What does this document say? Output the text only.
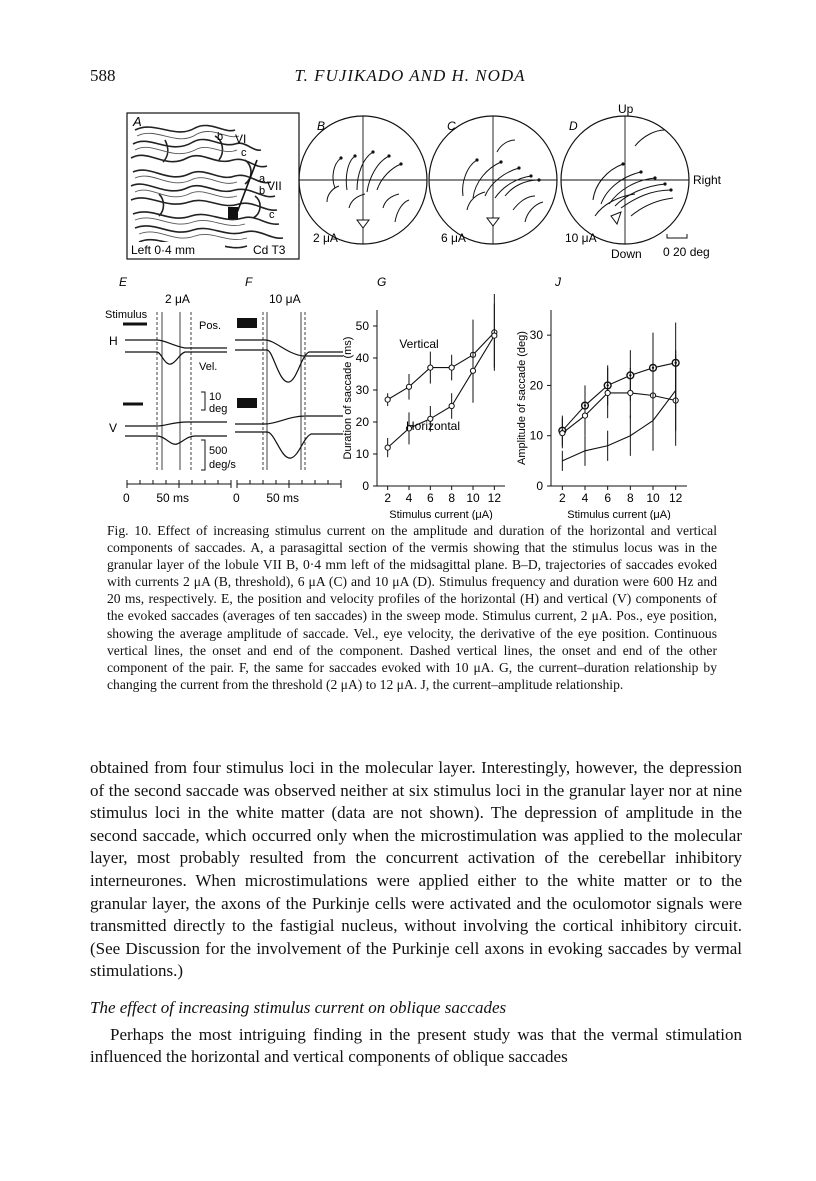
588	T. FUJIKADO AND H. NODA
A
b VI
c
a VII
b
c
Left 0·4 mm	Cd T3
B
2 μA
C
6 μA
D
10 μA
Up
Down
Right
0 20 deg
E
2 μA
Stimulus
H
V
Pos.
Vel.
10
deg
500
deg/s
0        50 ms
F
10 μA
0        50 ms	2 4 6 8 10 12
0
10
20
30
40
50
Stimulus current (μA)
Duration of saccade (ms)	Vertical
Horizontal
2 4 6 8 10 12
0
10
20
30
Stimulus current (μA)
Amplitude of saccade (deg)
G	J

Fig. 10. Effect of increasing stimulus current on the amplitude and duration of the horizontal and vertical components of saccades. A, a parasagittal section of the vermis showing that the stimulus locus was in the granular layer of the lobule VII B, 0·4 mm left of the midsagittal plane. B–D, trajectories of saccades evoked with currents 2 μA (B, threshold), 6 μA (C) and 10 μA (D). Stimulus frequency and duration were 600 Hz and 20 ms, respectively. E, the position and velocity profiles of the horizontal (H) and vertical (V) components of the evoked saccades (averages of ten saccades) in the sweep mode. Stimulus current, 2 μA. Pos., eye position, showing the average amplitude of saccade. Vel., eye velocity, the derivative of the eye position. Continuous vertical lines, the onset and end of the component. Dashed vertical lines, the onset and end of the other component of the pair. F, the same for saccades evoked with 10 μA. G, the current–duration relationship by changing the current from the threshold (2 μA) to 12 μA. J, the current–amplitude relationship.

obtained from four stimulus loci in the molecular layer. Interestingly, however, the depression of the second saccade was observed neither at six stimulus loci in the granular layer nor at nine stimulus loci in the white matter (data are not shown). The depression of amplitude in the second saccade, which occurred only when the microstimulation was applied to the molecular layer, most probably resulted from the concurrent activation of the cerebellar inhibitory interneurones. When microstimulations were applied either to the white matter or to the granular layer, the axons of the Purkinje cells were activated and the oculomotor signals were transmitted directly to the fastigial nucleus, without involving the cortical inhibitory circuit. (See Discussion for the involvement of the Purkinje cell axons in evoking saccades by vermal stimulations.)

The effect of increasing stimulus current on oblique saccades

Perhaps the most intriguing finding in the present study was that the vermal stimulation influenced the horizontal and vertical components of oblique saccades
